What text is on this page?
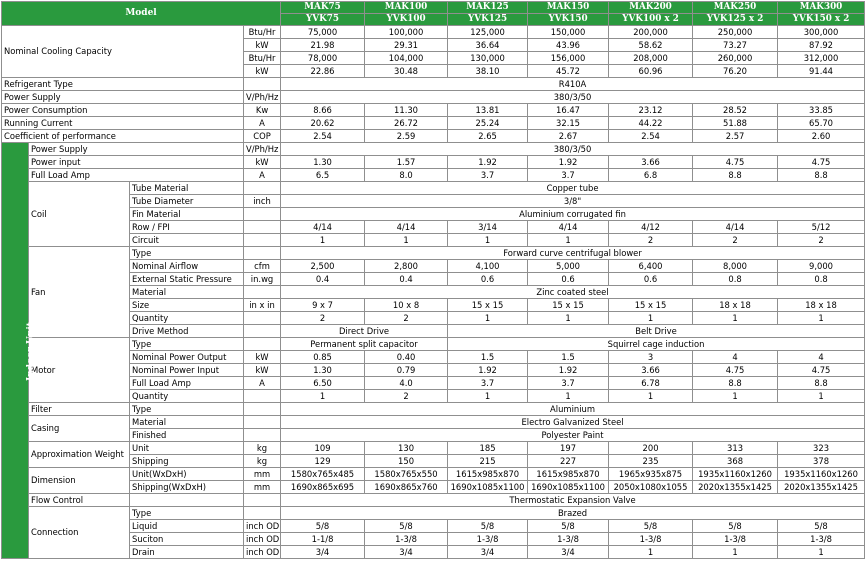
Model				MAK75	MAK100	MAK125	MAK150	MAK200	MAK250	MAK300
				YVK75	YVK100	YVK125	YVK150	YVK100 x 2	YVK125 x 2	YVK150 x 2
Nominal Cooling Capacity			Btu/Hr	75,000	100,000	125,000	150,000	200,000	250,000	300,000
			kW	21.98	29.31	36.64	43.96	58.62	73.27	87.92
			Btu/Hr	78,000	104,000	130,000	156,000	208,000	260,000	312,000
			kW	22.86	30.48	38.10	45.72	60.96	76.20	91.44
Refrigerant Type				R410A						
Power Supply			V/Ph/Hz	380/3/50						
Power Consumption			Kw	8.66	11.30	13.81	16.47	23.12	28.52	33.85
Running Current			A	20.62	26.72	25.24	32.15	44.22	51.88	65.70
Coefficient of performance			COP	2.54	2.59	2.65	2.67	2.54	2.57	2.60
Indoor Unit	Power Supply		V/Ph/Hz	380/3/50						
	Power input		kW	1.30	1.57	1.92	1.92	3.66	4.75	4.75
	Full Load Amp		A	6.5	8.0	3.7	3.7	6.8	8.8	8.8
	Coil	Tube Material		Copper tube						
		Tube Diameter	inch	3/8"						
		Fin Material		Aluminium corrugated fin						
		Row / FPI		4/14	4/14	3/14	4/14	4/12	4/14	5/12
		Circuit		1	1	1	1	2	2	2
	Fan	Type		Forward curve centrifugal blower						
		Nominal Airflow	cfm	2,500	2,800	4,100	5,000	6,400	8,000	9,000
		External Static Pressure	in.wg	0.4	0.4	0.6	0.6	0.6	0.8	0.8
		Material		Zinc coated steel						
		Size	in x in	9 x 7	10 x 8	15 x 15	15 x 15	15 x 15	18 x 18	18 x 18
		Quantity		2	2	1	1	1	1	1
		Drive Method		Direct Drive		Belt Drive				
	Motor	Type		Permanent split capacitor		Squirrel cage induction				
		Nominal Power Output	kW	0.85	0.40	1.5	1.5	3	4	4
		Nominal Power Input	kW	1.30	0.79	1.92	1.92	3.66	4.75	4.75
		Full Load Amp	A	6.50	4.0	3.7	3.7	6.78	8.8	8.8
		Quantity		1	2	1	1	1	1	1
	Filter	Type		Aluminium						
	Casing	Material		Electro Galvanized Steel						
		Finished		Polyester Paint						
	Approximation Weight	Unit	kg	109	130	185	197	200	313	323
		Shipping	kg	129	150	215	227	235	368	378
	Dimension	Unit(WxDxH)	mm	1580x765x485	1580x765x550	1615x985x870	1615x985x870	1965x935x875	1935x1160x1260	1935x1160x1260
		Shipping(WxDxH)	mm	1690x865x695	1690x865x760	1690x1085x1100	1690x1085x1100	2050x1080x1055	2020x1355x1425	2020x1355x1425
	Flow Control			Thermostatic Expansion Valve						
	Connection	Type		Brazed						
		Liquid	inch OD	5/8	5/8	5/8	5/8	5/8	5/8	5/8
		Suciton	inch OD	1-1/8	1-3/8	1-3/8	1-3/8	1-3/8	1-3/8	1-3/8
		Drain	inch OD	3/4	3/4	3/4	3/4	1	1	1
